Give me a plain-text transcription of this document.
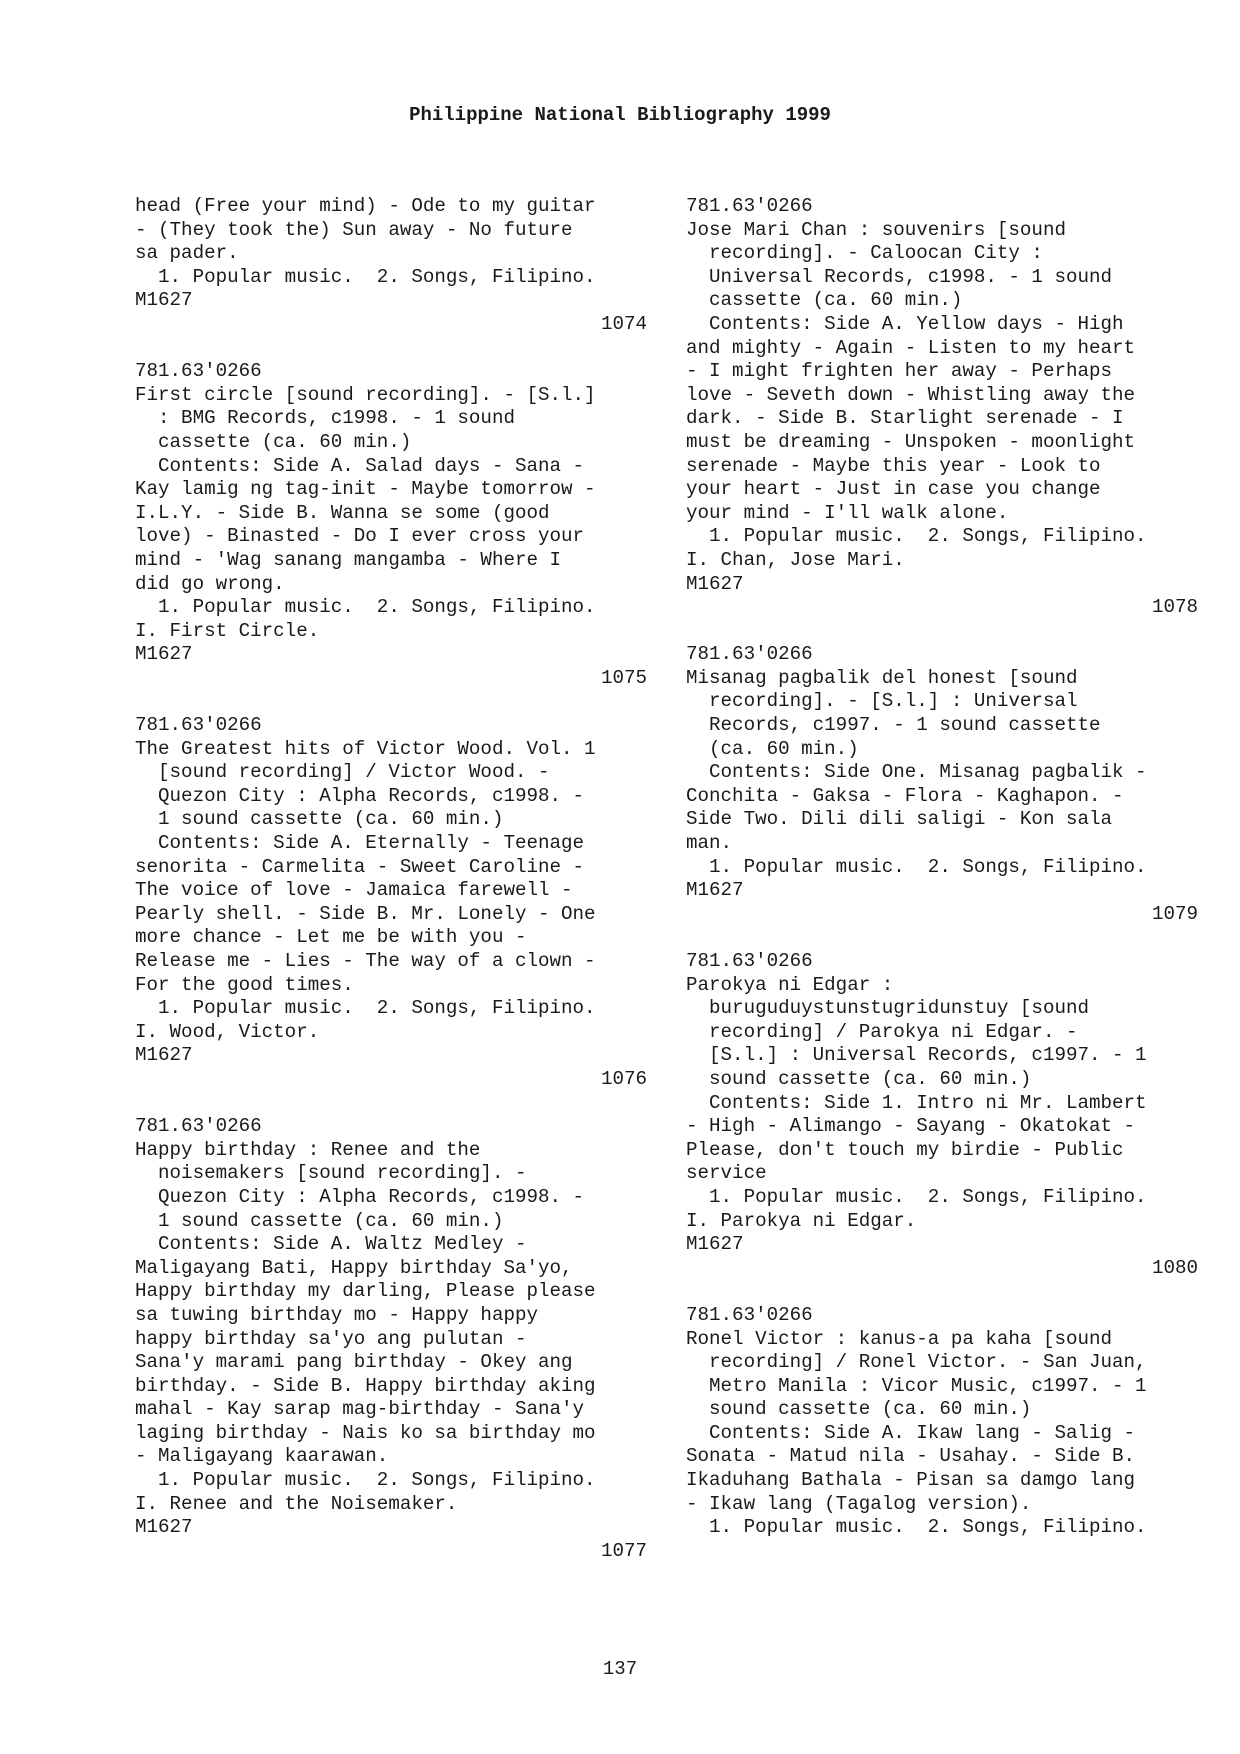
Philippine National Bibliography 1999
head (Free your mind) - Ode to my guitar
- (They took the) Sun away - No future
sa pader.
1. Popular music.  2. Songs, Filipino.
M1627
1074
781.63'0266
First circle [sound recording]. - [S.l.]
: BMG Records, c1998. - 1 sound
cassette (ca. 60 min.)
Contents: Side A. Salad days - Sana -
Kay lamig ng tag-init - Maybe tomorrow -
I.L.Y. - Side B. Wanna se some (good
love) - Binasted - Do I ever cross your
mind - 'Wag sanang mangamba - Where I
did go wrong.
1. Popular music.  2. Songs, Filipino.
I. First Circle.
M1627
1075
781.63'0266
The Greatest hits of Victor Wood. Vol. 1
[sound recording] / Victor Wood. -
Quezon City : Alpha Records, c1998. -
1 sound cassette (ca. 60 min.)
Contents: Side A. Eternally - Teenage
senorita - Carmelita - Sweet Caroline -
The voice of love - Jamaica farewell -
Pearly shell. - Side B. Mr. Lonely - One
more chance - Let me be with you -
Release me - Lies - The way of a clown -
For the good times.
1. Popular music.  2. Songs, Filipino.
I. Wood, Victor.
M1627
1076
781.63'0266
Happy birthday : Renee and the
noisemakers [sound recording]. -
Quezon City : Alpha Records, c1998. -
1 sound cassette (ca. 60 min.)
Contents: Side A. Waltz Medley -
Maligayang Bati, Happy birthday Sa'yo,
Happy birthday my darling, Please please
sa tuwing birthday mo - Happy happy
happy birthday sa'yo ang pulutan -
Sana'y marami pang birthday - Okey ang
birthday. - Side B. Happy birthday aking
mahal - Kay sarap mag-birthday - Sana'y
laging birthday - Nais ko sa birthday mo
- Maligayang kaarawan.
1. Popular music.  2. Songs, Filipino.
I. Renee and the Noisemaker.
M1627
1077
781.63'0266
Jose Mari Chan : souvenirs [sound
recording]. - Caloocan City :
Universal Records, c1998. - 1 sound
cassette (ca. 60 min.)
Contents: Side A. Yellow days - High
and mighty - Again - Listen to my heart
- I might frighten her away - Perhaps
love - Seveth down - Whistling away the
dark. - Side B. Starlight serenade - I
must be dreaming - Unspoken - moonlight
serenade - Maybe this year - Look to
your heart - Just in case you change
your mind - I'll walk alone.
1. Popular music.  2. Songs, Filipino.
I. Chan, Jose Mari.
M1627
1078
781.63'0266
Misanag pagbalik del honest [sound
recording]. - [S.l.] : Universal
Records, c1997. - 1 sound cassette
(ca. 60 min.)
Contents: Side One. Misanag pagbalik -
Conchita - Gaksa - Flora - Kaghapon. -
Side Two. Dili dili saligi - Kon sala
man.
1. Popular music.  2. Songs, Filipino.
M1627
1079
781.63'0266
Parokya ni Edgar :
buruguduystunstugridunstuy [sound
recording] / Parokya ni Edgar. -
[S.l.] : Universal Records, c1997. - 1
sound cassette (ca. 60 min.)
Contents: Side 1. Intro ni Mr. Lambert
- High - Alimango - Sayang - Okatokat -
Please, don't touch my birdie - Public
service
1. Popular music.  2. Songs, Filipino.
I. Parokya ni Edgar.
M1627
1080
781.63'0266
Ronel Victor : kanus-a pa kaha [sound
recording] / Ronel Victor. - San Juan,
Metro Manila : Vicor Music, c1997. - 1
sound cassette (ca. 60 min.)
Contents: Side A. Ikaw lang - Salig -
Sonata - Matud nila - Usahay. - Side B.
Ikaduhang Bathala - Pisan sa damgo lang
- Ikaw lang (Tagalog version).
1. Popular music.  2. Songs, Filipino.
137
